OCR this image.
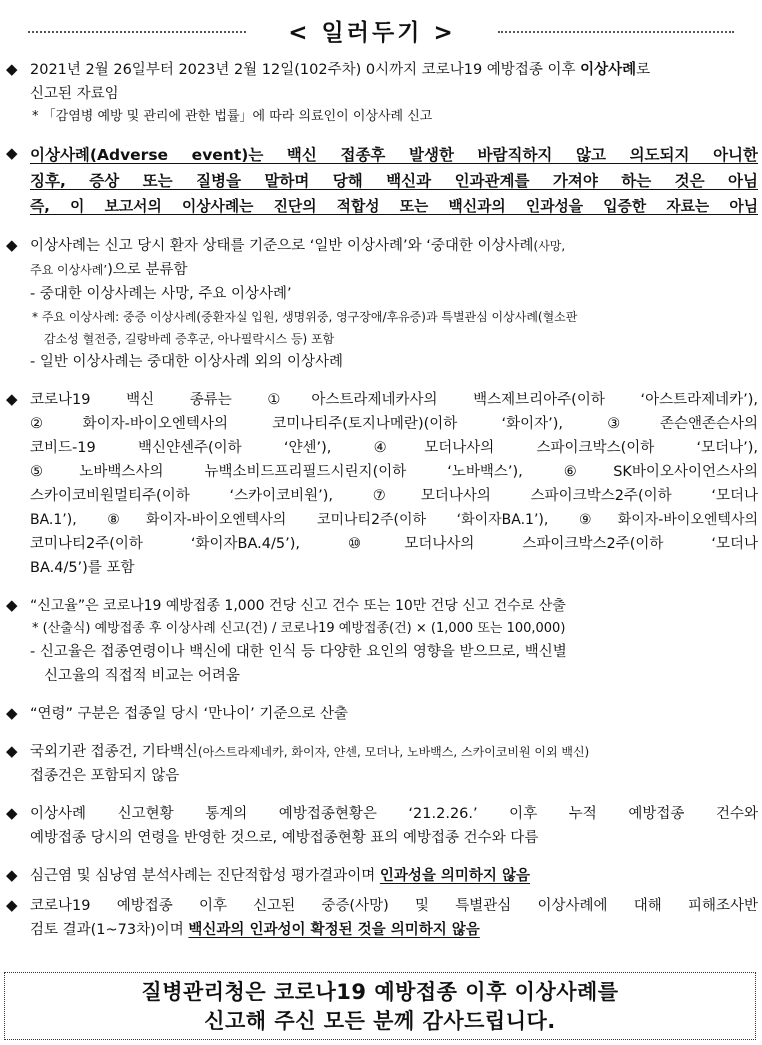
< 일러두기 >
◆ 2021년 2월 26일부터 2023년 2월 12일(102주차) 0시까지 코로나19 예방접종 이후 이상사례로
신고된 자료임
* 「감염병 예방 및 관리에 관한 법률」에 따라 의료인이 이상사례 신고
◆ 이상사례(Adverse event)는 백신 접종후 발생한 바람직하지 않고 의도되지 아니한
징후, 증상 또는 질병을 말하며 당해 백신과 인과관계를 가져야 하는 것은 아님
즉, 이 보고서의 이상사례는 진단의 적합성 또는 백신과의 인과성을 입증한 자료는 아님
◆ 이상사례는 신고 당시 환자 상태를 기준으로 ‘일반 이상사례’와 ‘중대한 이상사례(사망,
주요 이상사례’)으로 분류함
- 중대한 이상사례는 사망, 주요 이상사례’
* 주요 이상사례: 중증 이상사례(중환자실 입원, 생명위중, 영구장애/후유증)과 특별관심 이상사례(혈소판
감소성 혈전증, 길랑바레 증후군, 아나필락시스 등) 포함
- 일반 이상사례는 중대한 이상사례 외의 이상사례
◆ 코로나19 백신 종류는 ①아스트라제네카사의 백스제브리아주(이하 ‘아스트라제네카’),
②화이자-바이오엔텍사의 코미나티주(토지나메란)(이하 ‘화이자’), ③존슨앤존슨사의
코비드-19 백신얀센주(이하 ‘얀센’), ④모더나사의 스파이크박스(이하 ‘모더나’),
⑤노바백스사의 뉴백소비드프리필드시린지(이하 ‘노바백스’), ⑥SK바이오사이언스사의
스카이코비원멀티주(이하 ‘스카이코비원’), ⑦모더나사의 스파이크박스2주(이하 ‘모더나
BA.1’), ⑧화이자-바이오엔텍사의 코미나티2주(이하 ‘화이자BA.1’), ⑨화이자-바이오엔텍사의
코미나티2주(이하 ‘화이자BA.4/5’), ⑩모더나사의 스파이크박스2주(이하 ‘모더나
BA.4/5’)를 포함
◆ “신고율”은 코로나19 예방접종 1,000 건당 신고 건수 또는 10만 건당 신고 건수로 산출
* (산출식) 예방접종 후 이상사례 신고(건) / 코로나19 예방접종(건) × (1,000 또는 100,000)
- 신고율은 접종연령이나 백신에 대한 인식 등 다양한 요인의 영향을 받으므로, 백신별
신고율의 직접적 비교는 어려움
◆ “연령” 구분은 접종일 당시 ‘만나이’ 기준으로 산출
◆ 국외기관 접종건, 기타백신(아스트라제네카, 화이자, 얀센, 모더나, 노바백스, 스카이코비원 이외 백신)
접종건은 포함되지 않음
◆ 이상사례 신고현황 통계의 예방접종현황은 ‘21.2.26.’ 이후 누적 예방접종 건수와
예방접종 당시의 연령을 반영한 것으로, 예방접종현황 표의 예방접종 건수와 다름
◆ 심근염 및 심낭염 분석사례는 진단적합성 평가결과이며 인과성을 의미하지 않음
◆ 코로나19 예방접종 이후 신고된 중증(사망) 및 특별관심 이상사례에 대해 피해조사반
검토 결과(1~73차)이며 백신과의 인과성이 확정된 것을 의미하지 않음
질병관리청은 코로나19 예방접종 이후 이상사례를
신고해 주신 모든 분께 감사드립니다.
